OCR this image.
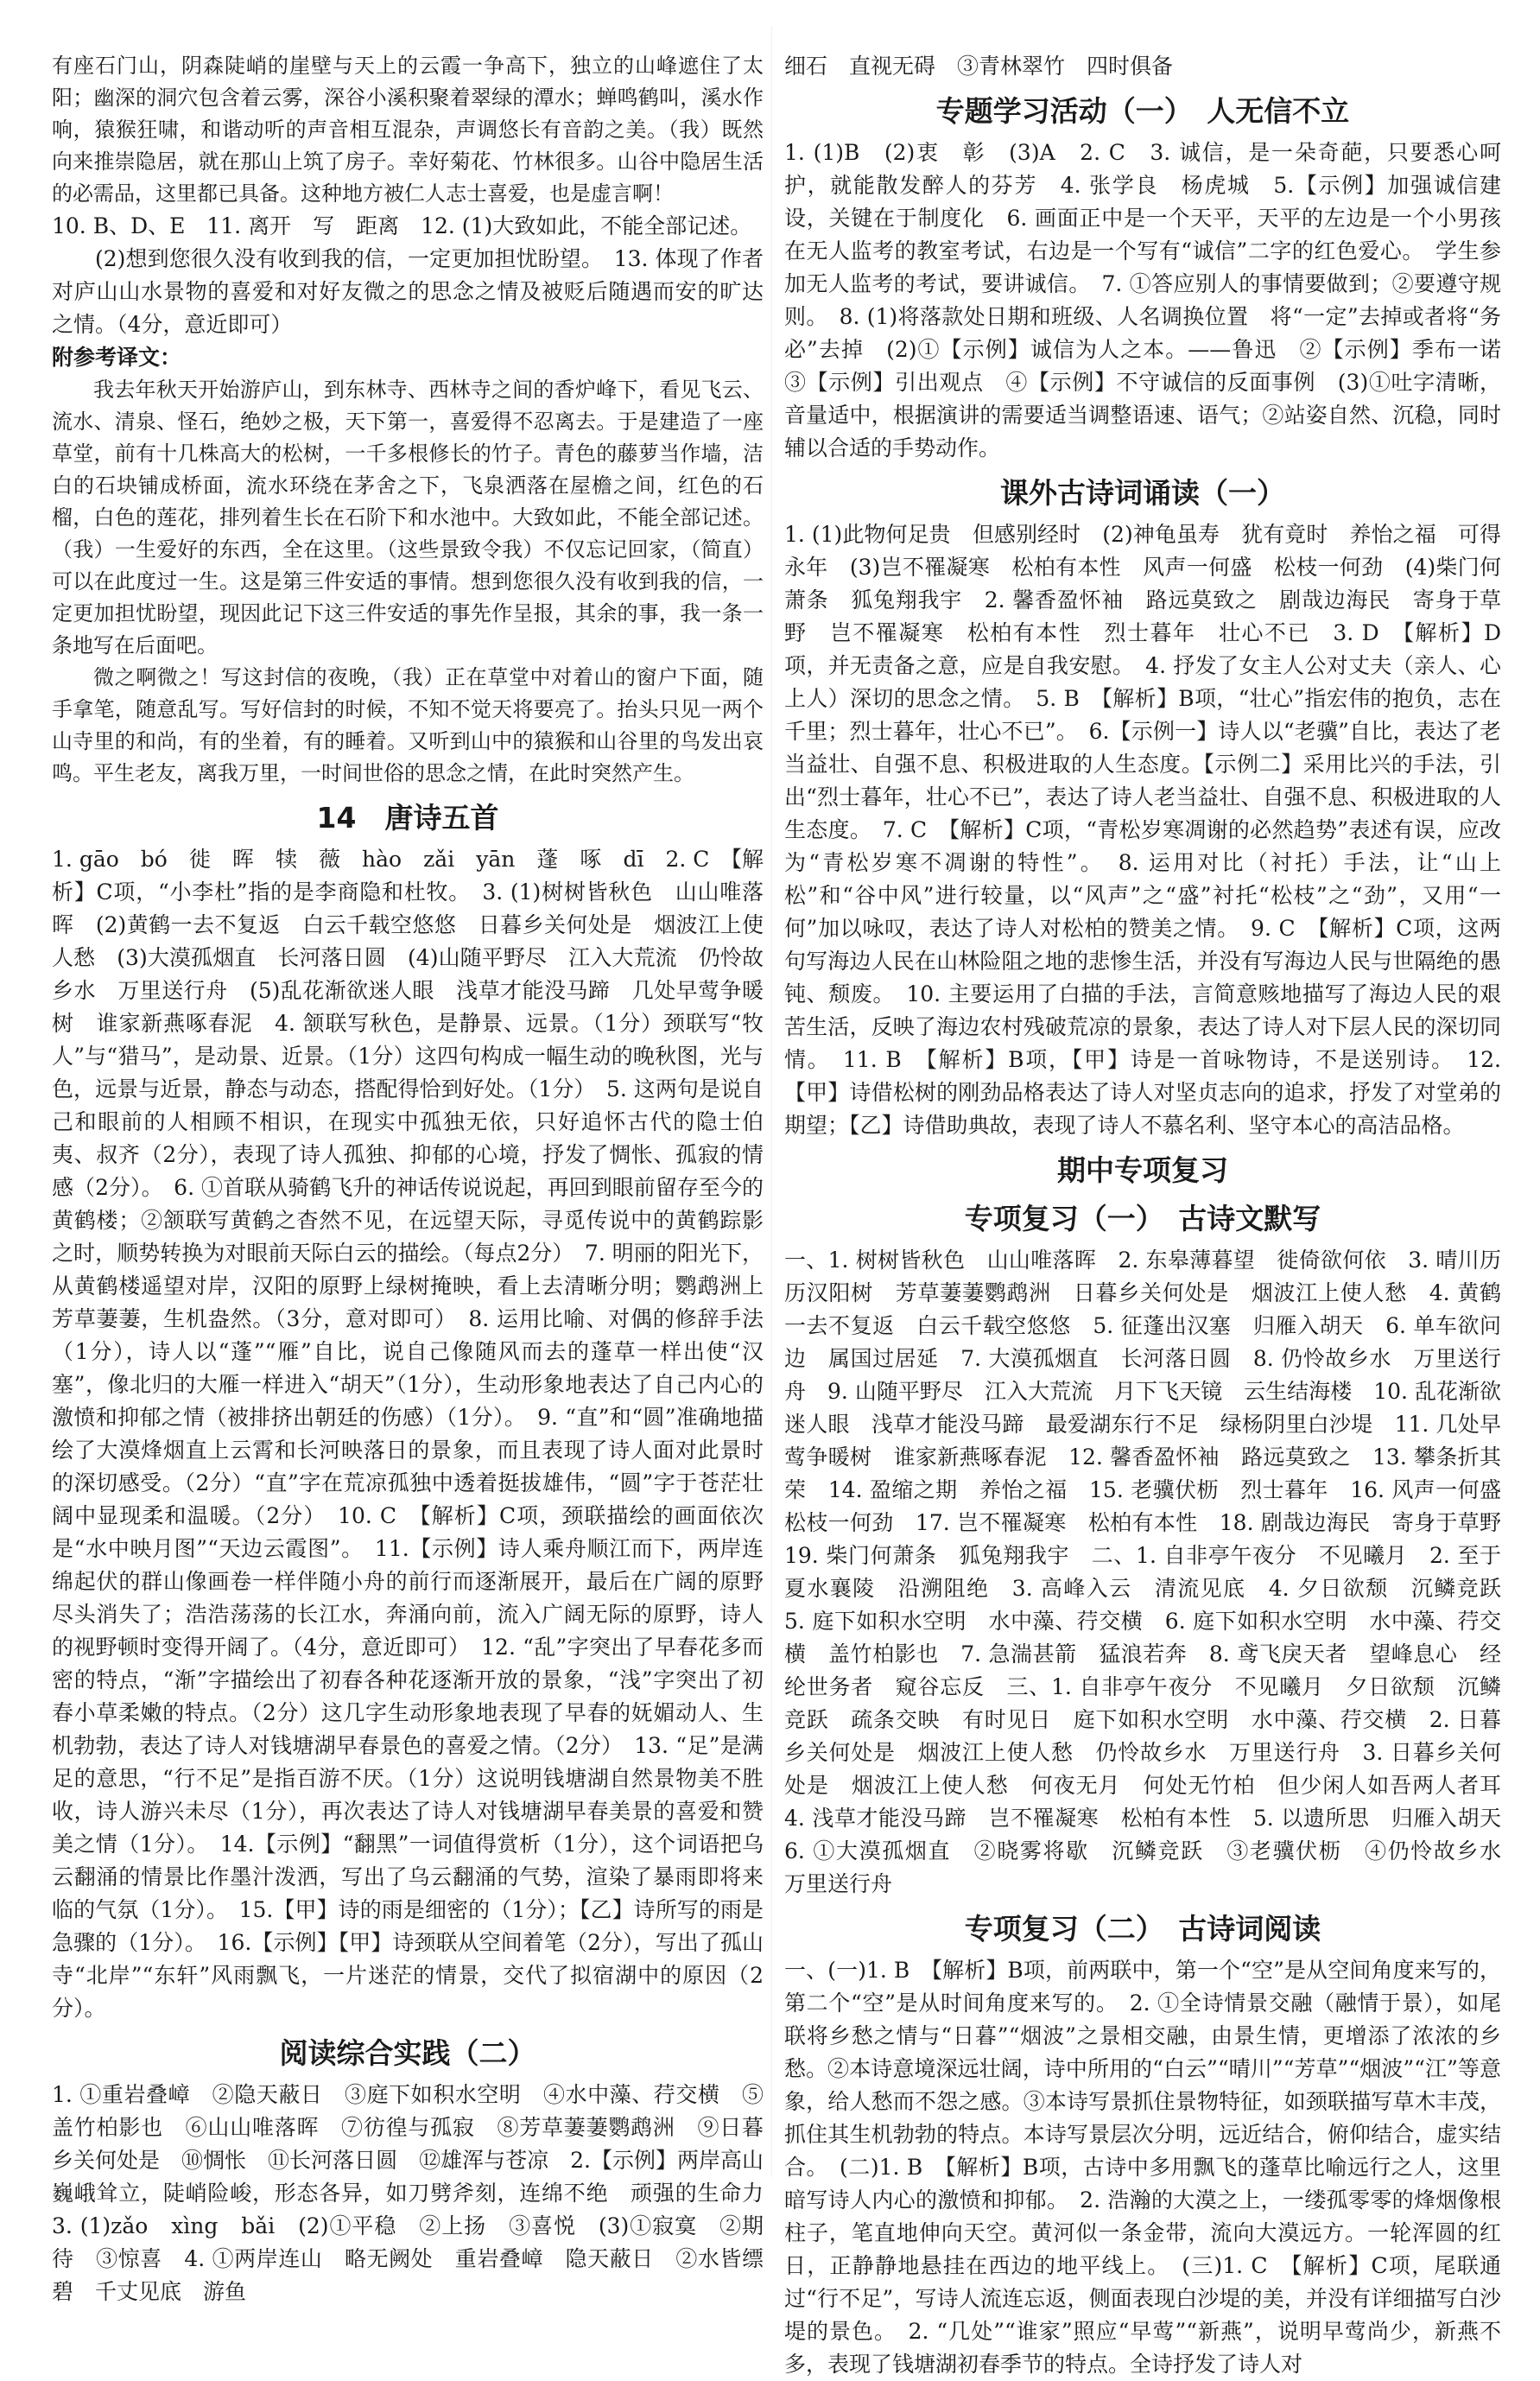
有座石门山，阴森陡峭的崖壁与天上的云霞一争高下，独立的山峰遮住了太阳；幽深的洞穴包含着云雾，深谷小溪积聚着翠绿的潭水；蝉鸣鹤叫，溪水作响，猿猴狂啸，和谐动听的声音相互混杂，声调悠长有音韵之美。（我）既然向来推崇隐居，就在那山上筑了房子。幸好菊花、竹林很多。山谷中隐居生活的必需品，这里都已具备。这种地方被仁人志士喜爱，也是虚言啊！

10. B、D、E　11. 离开　写　距离　12. (1)大致如此，不能全部记述。

(2)想到您很久没有收到我的信，一定更加担忧盼望。　13. 体现了作者对庐山山水景物的喜爱和对好友微之的思念之情及被贬后随遇而安的旷达之情。（4分，意近即可）

附参考译文：

我去年秋天开始游庐山，到东林寺、西林寺之间的香炉峰下，看见飞云、流水、清泉、怪石，绝妙之极，天下第一，喜爱得不忍离去。于是建造了一座草堂，前有十几株高大的松树，一千多根修长的竹子。青色的藤萝当作墙，洁白的石块铺成桥面，流水环绕在茅舍之下，飞泉洒落在屋檐之间，红色的石榴，白色的莲花，排列着生长在石阶下和水池中。大致如此，不能全部记述。（我）一生爱好的东西，全在这里。（这些景致令我）不仅忘记回家，（简直）可以在此度过一生。这是第三件安适的事情。想到您很久没有收到我的信，一定更加担忧盼望，现因此记下这三件安适的事先作呈报，其余的事，我一条一条地写在后面吧。

微之啊微之！写这封信的夜晚，（我）正在草堂中对着山的窗户下面，随手拿笔，随意乱写。写好信封的时候，不知不觉天将要亮了。抬头只见一两个山寺里的和尚，有的坐着，有的睡着。又听到山中的猿猴和山谷里的鸟发出哀鸣。平生老友，离我万里，一时间世俗的思念之情，在此时突然产生。

14　唐诗五首

1. gāo　bó　徙　晖　犊　薇　hào　zǎi　yān　蓬　啄　dī　2. C　【解析】C项，“小李杜”指的是李商隐和杜牧。　3. (1)树树皆秋色　山山唯落晖　(2)黄鹤一去不复返　白云千载空悠悠　日暮乡关何处是　烟波江上使人愁　(3)大漠孤烟直　长河落日圆　(4)山随平野尽　江入大荒流　仍怜故乡水　万里送行舟　(5)乱花渐欲迷人眼　浅草才能没马蹄　几处早莺争暖树　谁家新燕啄春泥　4. 颔联写秋色，是静景、远景。（1分）颈联写“牧人”与“猎马”，是动景、近景。（1分）这四句构成一幅生动的晚秋图，光与色，远景与近景，静态与动态，搭配得恰到好处。（1分）　5. 这两句是说自己和眼前的人相顾不相识，在现实中孤独无依，只好追怀古代的隐士伯夷、叔齐（2分），表现了诗人孤独、抑郁的心境，抒发了惆怅、孤寂的情感（2分）。　6. ①首联从骑鹤飞升的神话传说说起，再回到眼前留存至今的黄鹤楼；②颔联写黄鹤之杳然不见，在远望天际，寻觅传说中的黄鹤踪影之时，顺势转换为对眼前天际白云的描绘。（每点2分）　7. 明丽的阳光下，从黄鹤楼遥望对岸，汉阳的原野上绿树掩映，看上去清晰分明；鹦鹉洲上芳草萋萋，生机盎然。（3分，意对即可）　8. 运用比喻、对偶的修辞手法（1分），诗人以“蓬”“雁”自比，说自己像随风而去的蓬草一样出使“汉塞”，像北归的大雁一样进入“胡天”（1分），生动形象地表达了自己内心的激愤和抑郁之情（被排挤出朝廷的伤感）（1分）。　9. “直”和“圆”准确地描绘了大漠烽烟直上云霄和长河映落日的景象，而且表现了诗人面对此景时的深切感受。（2分）“直”字在荒凉孤独中透着挺拔雄伟，“圆”字于苍茫壮阔中显现柔和温暖。（2分）　10. C　【解析】C项，颈联描绘的画面依次是“水中映月图”“天边云霞图”。　11.【示例】诗人乘舟顺江而下，两岸连绵起伏的群山像画卷一样伴随小舟的前行而逐渐展开，最后在广阔的原野尽头消失了；浩浩荡荡的长江水，奔涌向前，流入广阔无际的原野，诗人的视野顿时变得开阔了。（4分，意近即可）　12. “乱”字突出了早春花多而密的特点，“渐”字描绘出了初春各种花逐渐开放的景象，“浅”字突出了初春小草柔嫩的特点。（2分）这几字生动形象地表现了早春的妩媚动人、生机勃勃，表达了诗人对钱塘湖早春景色的喜爱之情。（2分）　13. “足”是满足的意思，“行不足”是指百游不厌。（1分）这说明钱塘湖自然景物美不胜收，诗人游兴未尽（1分），再次表达了诗人对钱塘湖早春美景的喜爱和赞美之情（1分）。　14.【示例】“翻黑”一词值得赏析（1分），这个词语把乌云翻涌的情景比作墨汁泼洒，写出了乌云翻涌的气势，渲染了暴雨即将来临的气氛（1分）。　15.【甲】诗的雨是细密的（1分）；【乙】诗所写的雨是急骤的（1分）。　16.【示例】【甲】诗颈联从空间着笔（2分），写出了孤山寺“北岸”“东轩”风雨飘飞，一片迷茫的情景，交代了拟宿湖中的原因（2分）。

阅读综合实践（二）

1. ①重岩叠嶂　②隐天蔽日　③庭下如积水空明　④水中藻、荇交横　⑤盖竹柏影也　⑥山山唯落晖　⑦彷徨与孤寂　⑧芳草萋萋鹦鹉洲　⑨日暮乡关何处是　⑩惆怅　⑪长河落日圆　⑫雄浑与苍凉　2.【示例】两岸高山巍峨耸立，陡峭险峻，形态各异，如刀劈斧刻，连绵不绝　顽强的生命力　3. (1)zǎo　xìng　bǎi　(2)①平稳　②上扬　③喜悦　(3)①寂寞　②期待　③惊喜　4. ①两岸连山　略无阙处　重岩叠嶂　隐天蔽日　②水皆缥碧　千丈见底　游鱼

细石　直视无碍　③青林翠竹　四时俱备

专题学习活动（一）　人无信不立

1. (1)B　(2)衷　彰　(3)A　2. C　3. 诚信，是一朵奇葩，只要悉心呵护，就能散发醉人的芬芳　4. 张学良　杨虎城　5.【示例】加强诚信建设，关键在于制度化　6. 画面正中是一个天平，天平的左边是一个小男孩在无人监考的教室考试，右边是一个写有“诚信”二字的红色爱心。　学生参加无人监考的考试，要讲诚信。　7. ①答应别人的事情要做到；②要遵守规则。　8. (1)将落款处日期和班级、人名调换位置　将“一定”去掉或者将“务必”去掉　(2)①【示例】诚信为人之本。——鲁迅　②【示例】季布一诺　③【示例】引出观点　④【示例】不守诚信的反面事例　(3)①吐字清晰，音量适中，根据演讲的需要适当调整语速、语气；②站姿自然、沉稳，同时辅以合适的手势动作。

课外古诗词诵读（一）

1. (1)此物何足贵　但感别经时　(2)神龟虽寿　犹有竟时　养怡之福　可得永年　(3)岂不罹凝寒　松柏有本性　风声一何盛　松枝一何劲　(4)柴门何萧条　狐兔翔我宇　2. 馨香盈怀袖　路远莫致之　剧哉边海民　寄身于草野　岂不罹凝寒　松柏有本性　烈士暮年　壮心不已　3. D　【解析】D项，并无责备之意，应是自我安慰。　4. 抒发了女主人公对丈夫（亲人、心上人）深切的思念之情。　5. B　【解析】B项，“壮心”指宏伟的抱负，志在千里；烈士暮年，壮心不已”。　6.【示例一】诗人以“老骥”自比，表达了老当益壮、自强不息、积极进取的人生态度。【示例二】采用比兴的手法，引出“烈士暮年，壮心不已”，表达了诗人老当益壮、自强不息、积极进取的人生态度。　7. C　【解析】C项，“青松岁寒凋谢的必然趋势”表述有误，应改为“青松岁寒不凋谢的特性”。　8. 运用对比（衬托）手法，让“山上松”和“谷中风”进行较量，以“风声”之“盛”衬托“松枝”之“劲”，又用“一何”加以咏叹，表达了诗人对松柏的赞美之情。　9. C　【解析】C项，这两句写海边人民在山林险阻之地的悲惨生活，并没有写海边人民与世隔绝的愚钝、颓废。　10. 主要运用了白描的手法，言简意赅地描写了海边人民的艰苦生活，反映了海边农村残破荒凉的景象，表达了诗人对下层人民的深切同情。　11. B　【解析】B项，【甲】诗是一首咏物诗，不是送别诗。　12.【甲】诗借松树的刚劲品格表达了诗人对坚贞志向的追求，抒发了对堂弟的期望；【乙】诗借助典故，表现了诗人不慕名利、坚守本心的高洁品格。

期中专项复习
专项复习（一）　古诗文默写

一、1. 树树皆秋色　山山唯落晖　2. 东皋薄暮望　徙倚欲何依　3. 晴川历历汉阳树　芳草萋萋鹦鹉洲　日暮乡关何处是　烟波江上使人愁　4. 黄鹤一去不复返　白云千载空悠悠　5. 征蓬出汉塞　归雁入胡天　6. 单车欲问边　属国过居延　7. 大漠孤烟直　长河落日圆　8. 仍怜故乡水　万里送行舟　9. 山随平野尽　江入大荒流　月下飞天镜　云生结海楼　10. 乱花渐欲迷人眼　浅草才能没马蹄　最爱湖东行不足　绿杨阴里白沙堤　11. 几处早莺争暖树　谁家新燕啄春泥　12. 馨香盈怀袖　路远莫致之　13. 攀条折其荣　14. 盈缩之期　养怡之福　15. 老骥伏枥　烈士暮年　16. 风声一何盛　松枝一何劲　17. 岂不罹凝寒　松柏有本性　18. 剧哉边海民　寄身于草野　19. 柴门何萧条　狐兔翔我宇　二、1. 自非亭午夜分　不见曦月　2. 至于夏水襄陵　沿溯阻绝　3. 高峰入云　清流见底　4. 夕日欲颓　沉鳞竞跃　5. 庭下如积水空明　水中藻、荇交横　6. 庭下如积水空明　水中藻、荇交横　盖竹柏影也　7. 急湍甚箭　猛浪若奔　8. 鸢飞戾天者　望峰息心　经纶世务者　窥谷忘反　三、1. 自非亭午夜分　不见曦月　夕日欲颓　沉鳞竞跃　疏条交映　有时见日　庭下如积水空明　水中藻、荇交横　2. 日暮乡关何处是　烟波江上使人愁　仍怜故乡水　万里送行舟　3. 日暮乡关何处是　烟波江上使人愁　何夜无月　何处无竹柏　但少闲人如吾两人者耳　4. 浅草才能没马蹄　岂不罹凝寒　松柏有本性　5. 以遗所思　归雁入胡天　6. ①大漠孤烟直　②晓雾将歇　沉鳞竞跃　③老骥伏枥　④仍怜故乡水　万里送行舟

专项复习（二）　古诗词阅读

一、(一)1. B　【解析】B项，前两联中，第一个“空”是从空间角度来写的，第二个“空”是从时间角度来写的。　2. ①全诗情景交融（融情于景），如尾联将乡愁之情与“日暮”“烟波”之景相交融，由景生情，更增添了浓浓的乡愁。②本诗意境深远壮阔，诗中所用的“白云”“晴川”“芳草”“烟波”“江”等意象，给人愁而不怨之感。③本诗写景抓住景物特征，如颈联描写草木丰茂，抓住其生机勃勃的特点。本诗写景层次分明，远近结合，俯仰结合，虚实结合。　(二)1. B　【解析】B项，古诗中多用飘飞的蓬草比喻远行之人，这里暗写诗人内心的激愤和抑郁。　2. 浩瀚的大漠之上，一缕孤零零的烽烟像根柱子，笔直地伸向天空。黄河似一条金带，流向大漠远方。一轮浑圆的红日，正静静地悬挂在西边的地平线上。　(三)1. C　【解析】C项，尾联通过“行不足”，写诗人流连忘返，侧面表现白沙堤的美，并没有详细描写白沙堤的景色。　2. “几处”“谁家”照应“早莺”“新燕”，说明早莺尚少，新燕不多，表现了钱塘湖初春季节的特点。全诗抒发了诗人对
